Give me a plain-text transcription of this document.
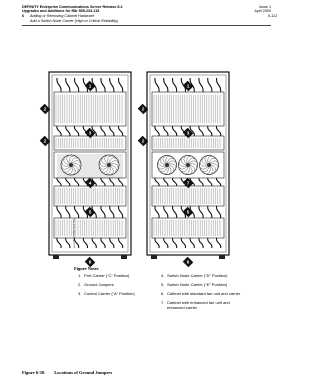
DEFINITY Enterprise Communications Server Release 8.2
Upgrades and Additions for R8r 555-233-115
Issue 1
April 2000
6 Adding or Removing Cabinet Hardware	6-112
Add a Switch Node Carrier (High or Critical Reliability)
1
2
3
2
4
5
6
1
2
3
2
7
5
6
procdf34 RBP 021799
Figure Notes
1. Port Carrier (“C” Position)
2. Ground Jumpers
3. Control Carrier (“A” Position)
4. Switch Node Carrier (“D” Position)
5. Switch Node Carrier (“E” Position)
6. Cabinet with standard fan unit and carrier
7. Cabinet with enhanced fan unit and
enhanced carrier
Figure 6-38. Locations of Ground Jumpers
